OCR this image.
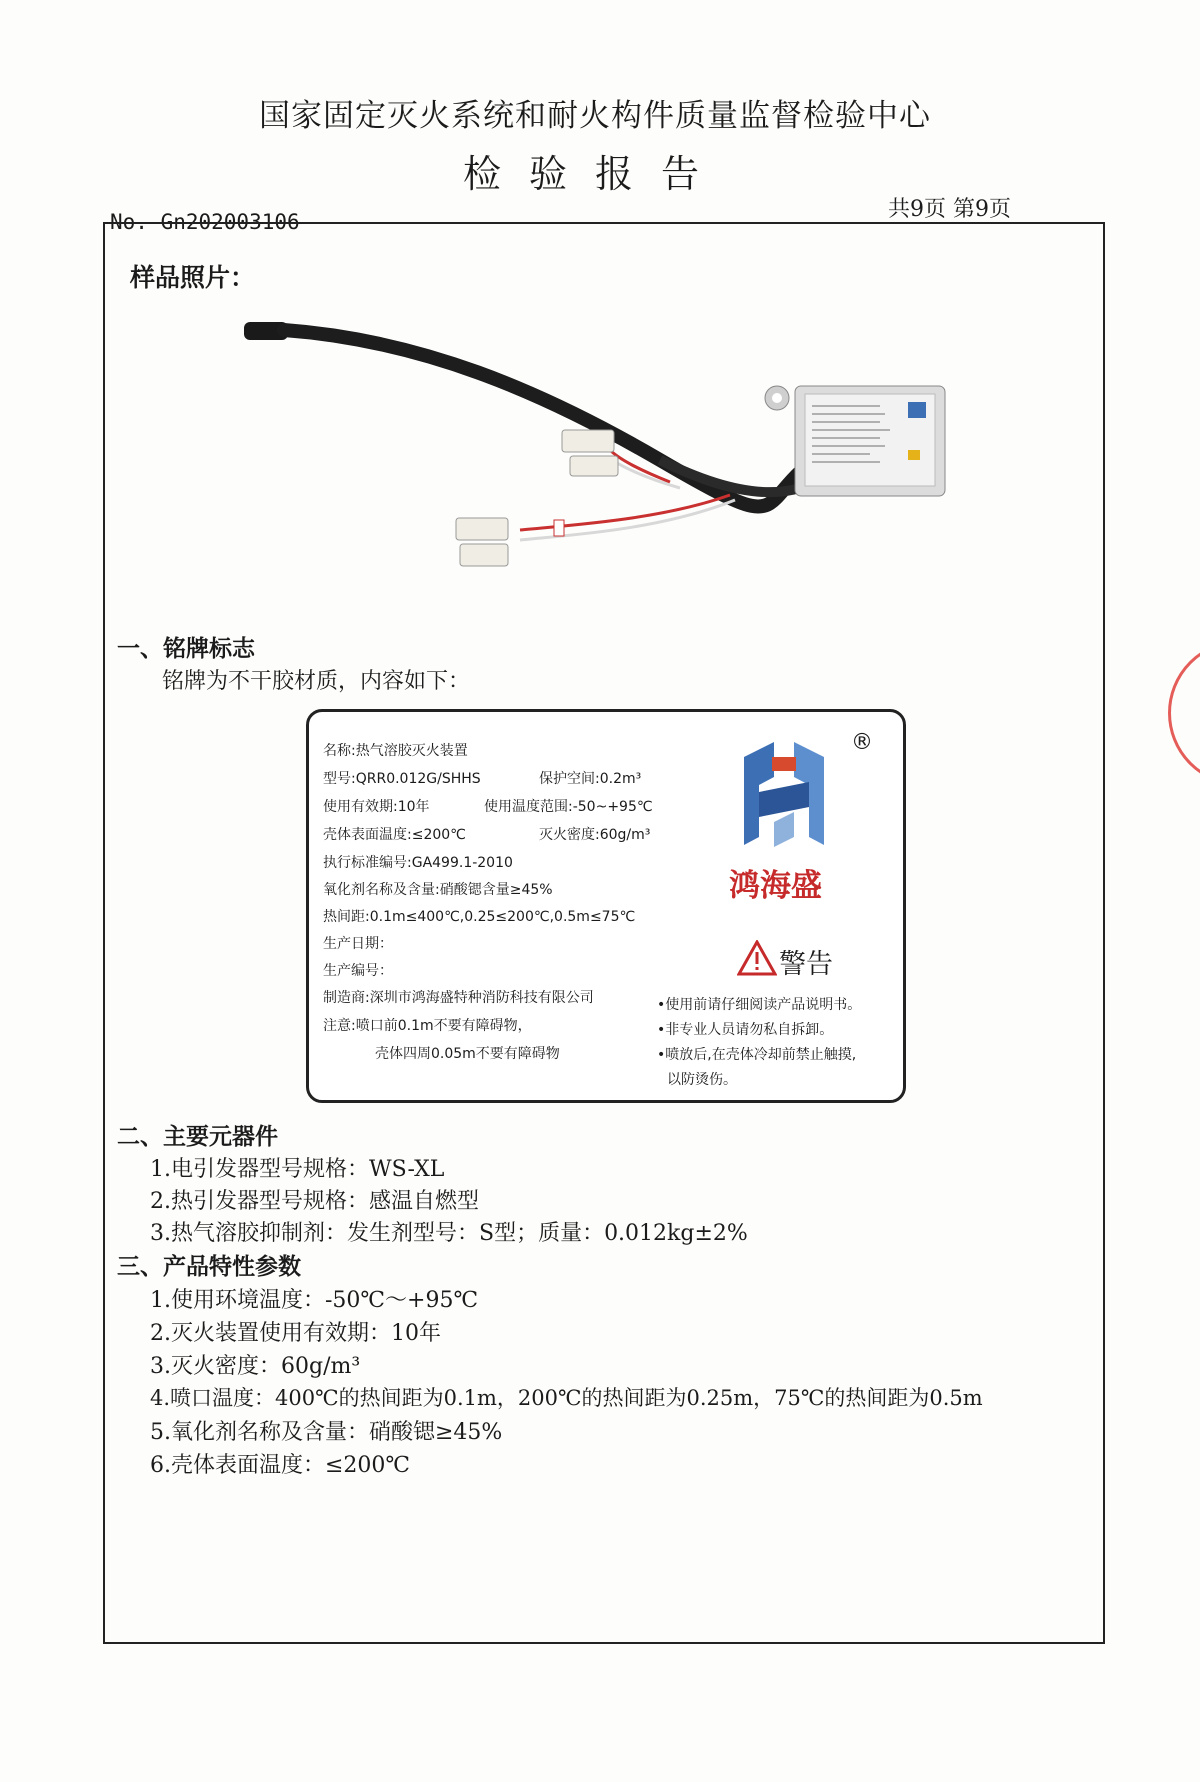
国家固定灭火系统和耐火构件质量监督检验中心
检验报告
共9页 第9页
No. Gn202003106
样品照片：
一、铭牌标志
铭牌为不干胶材质，内容如下：
名称:热气溶胶灭火装置
型号:QRR0.012G/SHHS	保护空间:0.2m³
使用有效期:10年	使用温度范围:-50~+95℃
壳体表面温度:≤200℃	灭火密度:60g/m³
执行标准编号:GA499.1-2010
氧化剂名称及含量:硝酸锶含量≥45%
热间距:0.1m≤400℃,0.25≤200℃,0.5m≤75℃
生产日期：
生产编号：
制造商:深圳市鸿海盛特种消防科技有限公司
注意:喷口前0.1m不要有障碍物，
壳体四周0.05m不要有障碍物
®
鸿海盛
警告
•使用前请仔细阅读产品说明书。
•非专业人员请勿私自拆卸。
•喷放后,在壳体冷却前禁止触摸,
以防烫伤。
二、主要元器件
1.电引发器型号规格：WS-XL
2.热引发器型号规格：感温自燃型
3.热气溶胶抑制剂：发生剂型号：S型；质量：0.012kg±2%
三、产品特性参数
1.使用环境温度：-50℃～+95℃
2.灭火装置使用有效期：10年
3.灭火密度：60g/m³
4.喷口温度：400℃的热间距为0.1m，200℃的热间距为0.25m，75℃的热间距为0.5m
5.氧化剂名称及含量：硝酸锶≥45%
6.壳体表面温度：≤200℃
